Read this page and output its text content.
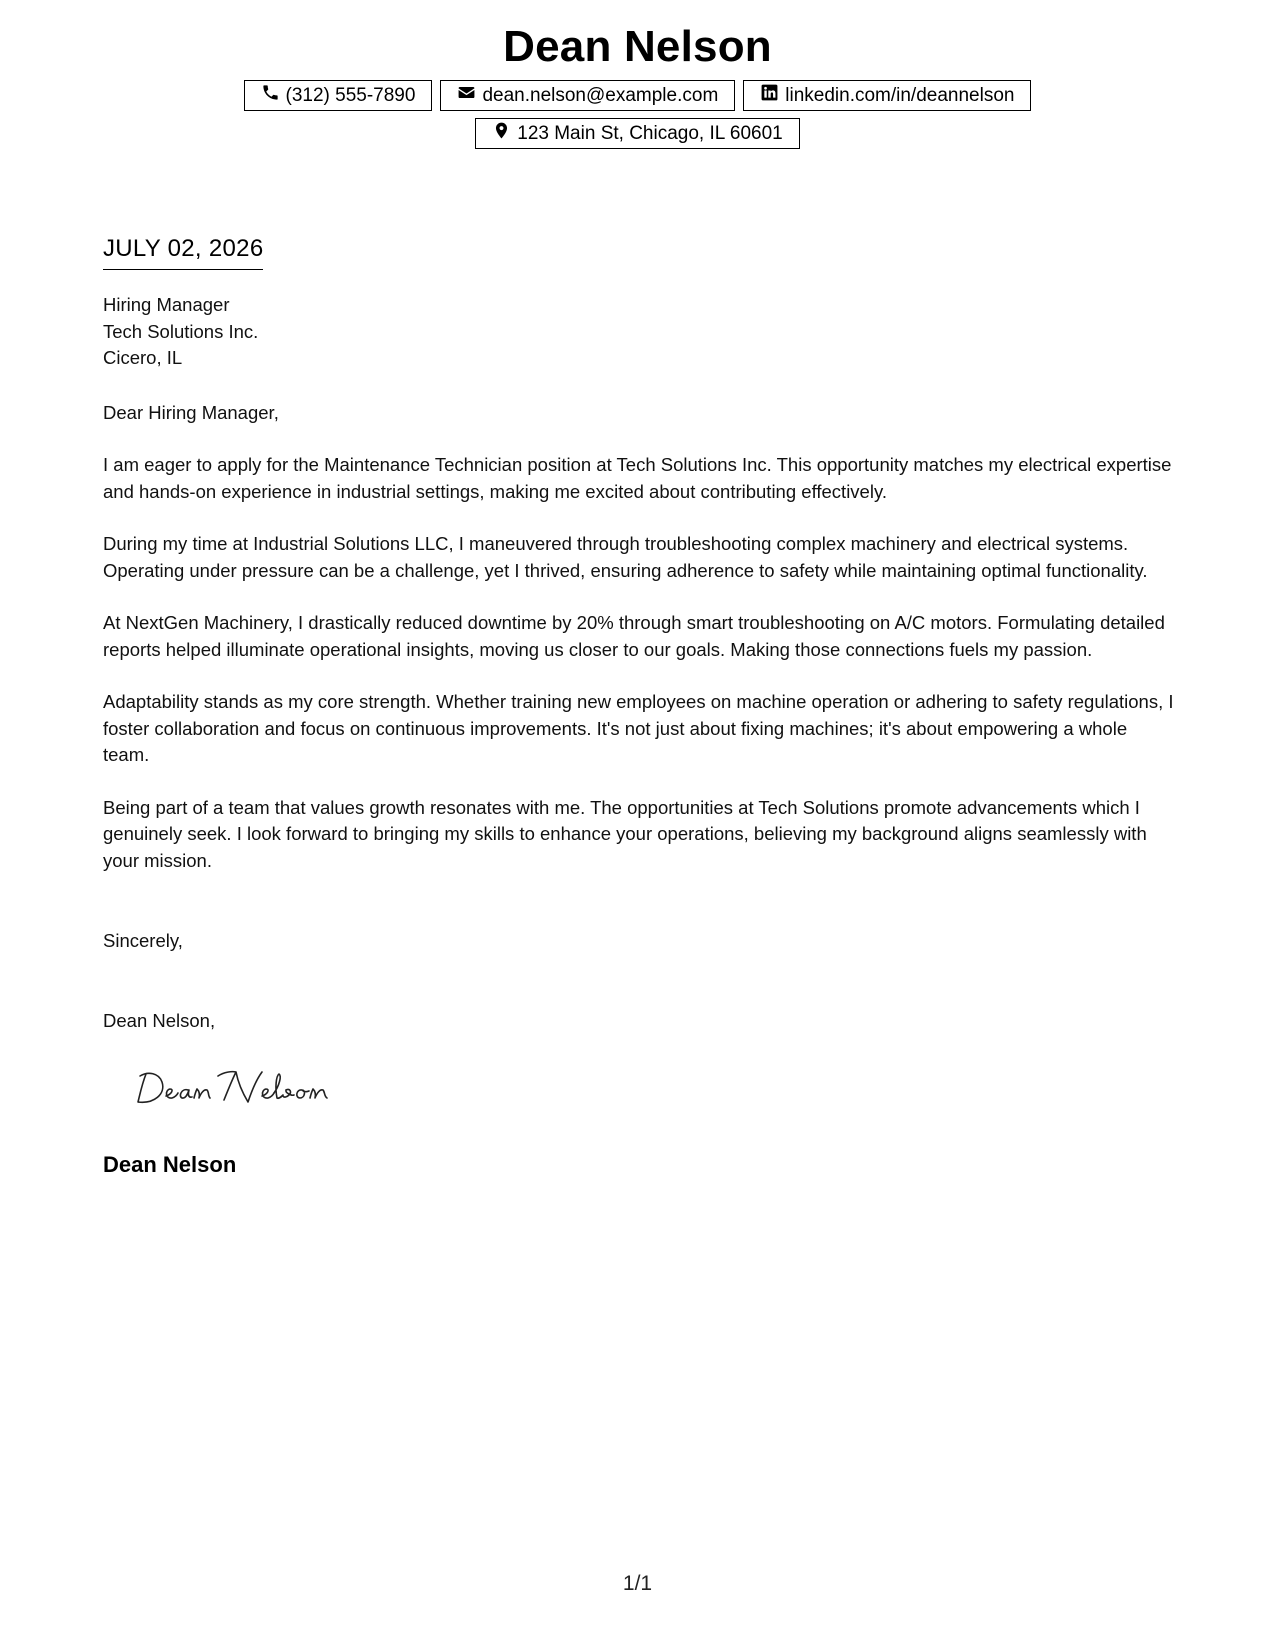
Dean Nelson
(312) 555-7890	dean.nelson@example.com	linkedin.com/in/deannelson
123 Main St, Chicago, IL 60601
JULY 02, 2026
Hiring Manager
Tech Solutions Inc.
Cicero, IL
Dear Hiring Manager,

I am eager to apply for the Maintenance Technician position at Tech Solutions Inc. This opportunity matches my electrical expertise and hands-on experience in industrial settings, making me excited about contributing effectively.

During my time at Industrial Solutions LLC, I maneuvered through troubleshooting complex machinery and electrical systems. Operating under pressure can be a challenge, yet I thrived, ensuring adherence to safety while maintaining optimal functionality.

At NextGen Machinery, I drastically reduced downtime by 20% through smart troubleshooting on A/C motors. Formulating detailed reports helped illuminate operational insights, moving us closer to our goals. Making those connections fuels my passion.

Adaptability stands as my core strength. Whether training new employees on machine operation or adhering to safety regulations, I foster collaboration and focus on continuous improvements. It's not just about fixing machines; it's about empowering a whole team.

Being part of a team that values growth resonates with me. The opportunities at Tech Solutions promote advancements which I genuinely seek. I look forward to bringing my skills to enhance your operations, believing my background aligns seamlessly with your mission.

Sincerely,
Dean Nelson,
Dean Nelson
1/1
